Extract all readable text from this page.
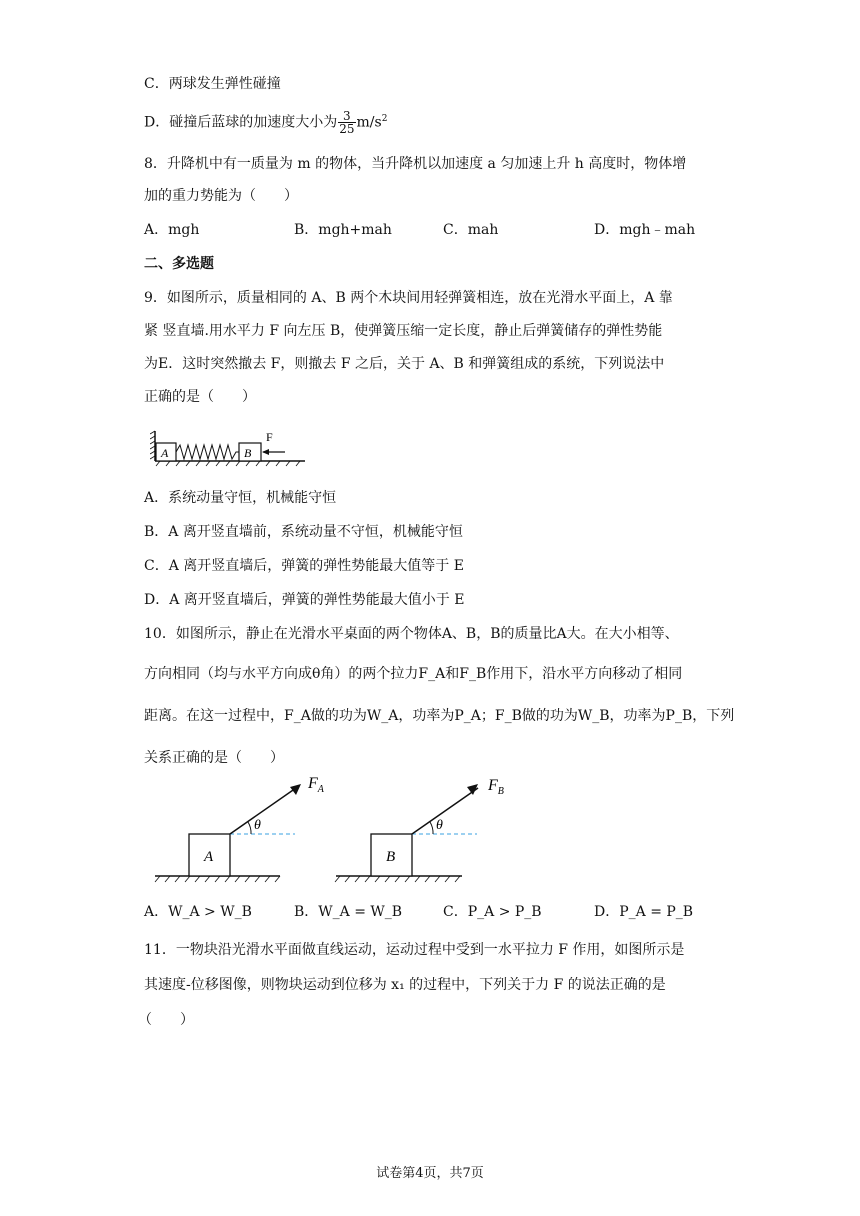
C．两球发生弹性碰撞
D．碰撞后蓝球的加速度大小为 $\frac{3}{25} m/s^2$
8．升降机中有一质量为 m 的物体，当升降机以加速度 a 匀加速上升 h 高度时，物体增
加的重力势能为（　　）
A．mgh	B．mgh+mah	C．mah	D．mgh﹣mah
二、多选题
9．如图所示，质量相同的 A、B 两个木块间用轻弹簧相连，放在光滑水平面上，A 靠
紧 竖直墙.用水平力 F 向左压 B，使弹簧压缩一定长度，静止后弹簧储存的弹性势能
为E．这时突然撤去 F，则撤去 F 之后，关于 A、B 和弹簧组成的系统，下列说法中
正确的是（　　）
A	B
F
A．系统动量守恒，机械能守恒
B．A 离开竖直墙前，系统动量不守恒，机械能守恒
C．A 离开竖直墙后，弹簧的弹性势能最大值等于 E
D．A 离开竖直墙后，弹簧的弹性势能最大值小于 E
10．如图所示，静止在光滑水平桌面的两个物体A、B，B的质量比A大。在大小相等、
方向相同（均与水平方向成θ角）的两个拉力F_A和F_B作用下，沿水平方向移动了相同
距离。在这一过程中，F_A做的功为W_A，功率为P_A；F_B做的功为W_B，功率为P_B，下列
关系正确的是（　　）
A
θ
$F_A$
B
θ
$F_B$
A．W_A > W_B	B．W_A = W_B	C．P_A > P_B	D．P_A = P_B
11．一物块沿光滑水平面做直线运动，运动过程中受到一水平拉力 F 作用，如图所示是
其速度-位移图像，则物块运动到位移为 x₁ 的过程中，下列关于力 F 的说法正确的是
（　　）
试卷第4页，共7页
